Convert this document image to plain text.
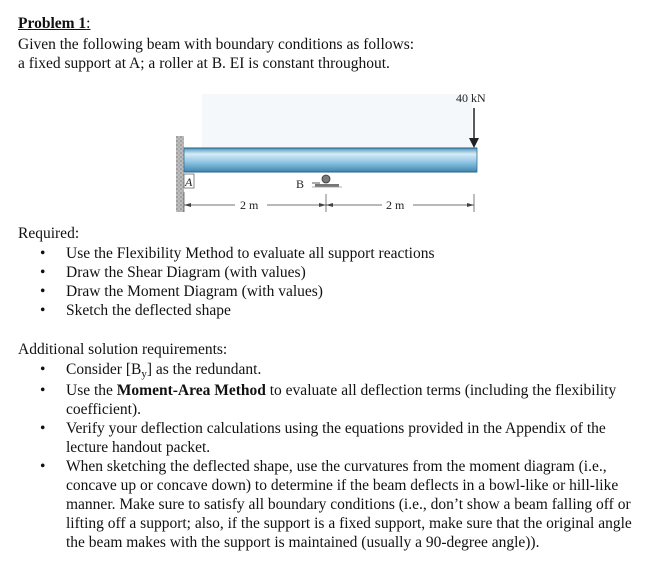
Problem 1:
Given the following beam with boundary conditions as follows:
a fixed support at A; a roller at B. EI is constant throughout.
40 kN
A	B
2 m	2 m
Required:
• Use the Flexibility Method to evaluate all support reactions
• Draw the Shear Diagram (with values)
• Draw the Moment Diagram (with values)
• Sketch the deflected shape
Additional solution requirements:
• Consider [By] as the redundant.
• Use the Moment-Area Method to evaluate all deflection terms (including the flexibility coefficient).
• Verify your deflection calculations using the equations provided in the Appendix of the lecture handout packet.
• When sketching the deflected shape, use the curvatures from the moment diagram (i.e., concave up or concave down) to determine if the beam deflects in a bowl-like or hill-like manner. Make sure to satisfy all boundary conditions (i.e., don’t show a beam falling off or lifting off a support; also, if the support is a fixed support, make sure that the original angle the beam makes with the support is maintained (usually a 90-degree angle)).
